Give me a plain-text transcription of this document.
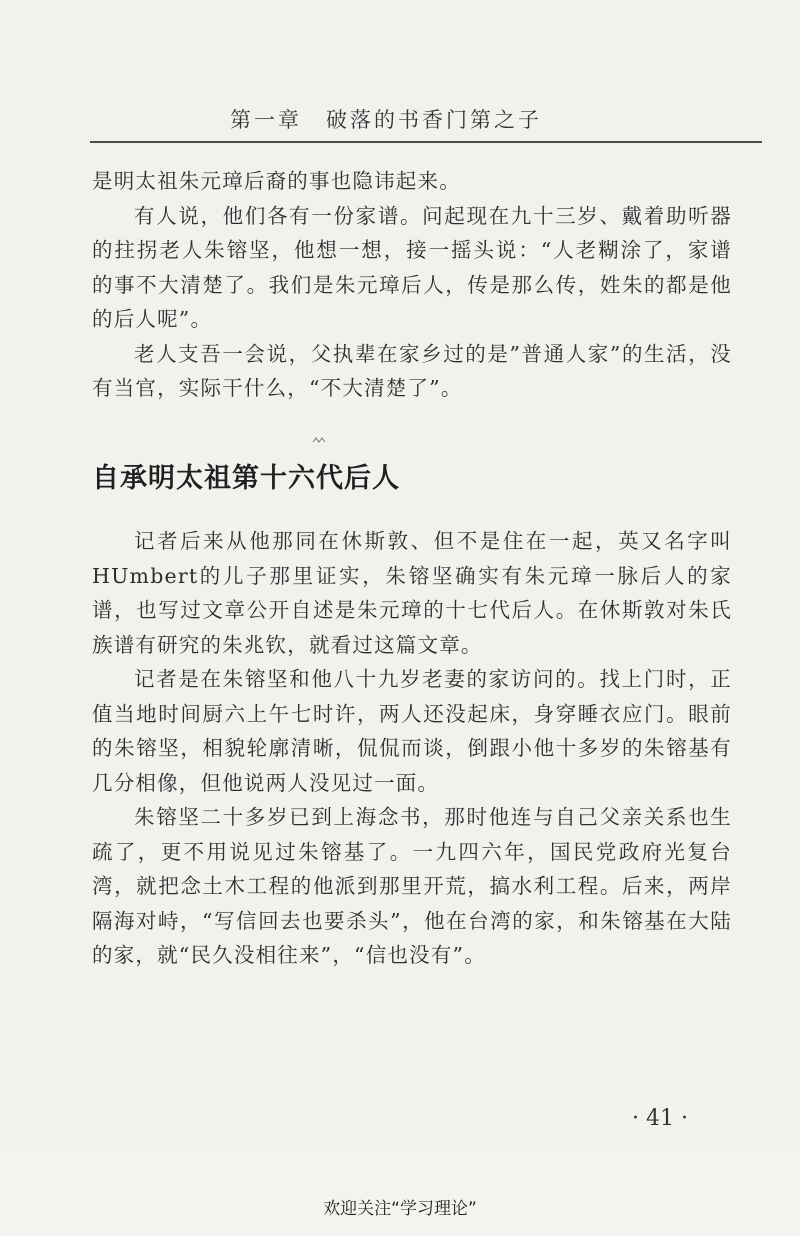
第一章　破落的书香门第之子

是明太祖朱元璋后裔的事也隐讳起来。

有人说，他们各有一份家谱。问起现在九十三岁、戴着助听器的拄拐老人朱镕坚，他想一想，接一摇头说：“人老糊涂了，家谱的事不大清楚了。我们是朱元璋后人，传是那么传，姓朱的都是他的后人呢”。

老人支吾一会说，父执辈在家乡过的是”普通人家”的生活，没有当官，实际干什么，“不大清楚了”。

自承明太祖第十六代后人

记者后来从他那同在休斯敦、但不是住在一起，英又名字叫HUmbert的儿子那里证实，朱镕坚确实有朱元璋一脉后人的家谱，也写过文章公开自述是朱元璋的十七代后人。在休斯敦对朱氏族谱有研究的朱兆钦，就看过这篇文章。

记者是在朱镕坚和他八十九岁老妻的家访问的。找上门时，正值当地时间厨六上午七时许，两人还没起床，身穿睡衣应门。眼前的朱镕坚，相貌轮廓清晰，侃侃而谈，倒跟小他十多岁的朱镕基有几分相像，但他说两人没见过一面。

朱镕坚二十多岁已到上海念书，那时他连与自己父亲关系也生疏了，更不用说见过朱镕基了。一九四六年，国民党政府光复台湾，就把念土木工程的他派到那里开荒，搞水利工程。后来，两岸隔海对峙，“写信回去也要杀头”，他在台湾的家，和朱镕基在大陆的家，就“民久没相往来”，“信也没有”。

· 41 ·
欢迎关注“学习理论”
